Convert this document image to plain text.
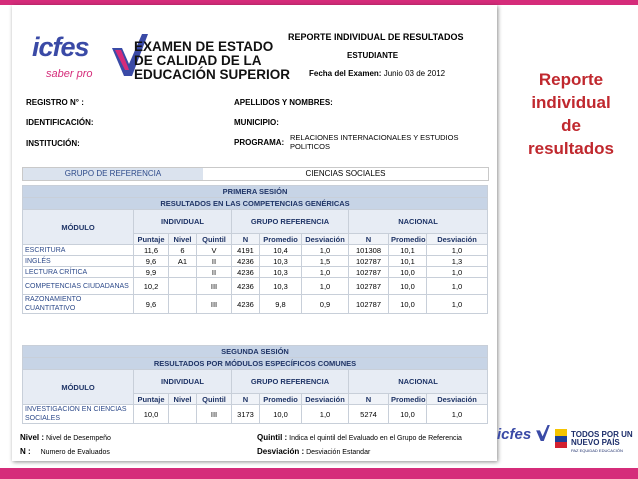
icfes
saber pro
EXAMEN DE ESTADO
DE CALIDAD DE LA
EDUCACIÓN SUPERIOR
REPORTE INDIVIDUAL DE RESULTADOS
ESTUDIANTE
Fecha del Examen: Junio 03 de 2012
REGISTRO N° :
IDENTIFICACIÓN:
INSTITUCIÓN:
APELLIDOS Y NOMBRES:
MUNICIPIO:
PROGRAMA:
RELACIONES INTERNACIONALES Y ESTUDIOS
POLITICOS
GRUPO DE REFERENCIA	CIENCIAS SOCIALES
PRIMERA SESIÓN									
RESULTADOS EN LAS COMPETENCIAS GENÉRICAS									
MÓDULO	INDIVIDUAL			GRUPO REFERENCIA			NACIONAL		
	Puntaje	Nivel	Quintil	N	Promedio	Desviación	N	Promedio	Desviación
ESCRITURA	11,6	6	V	4191	10,4	1,0	101308	10,1	1,0
INGLÉS	9,6	A1	II	4236	10,3	1,5	102787	10,1	1,3
LECTURA CRÍTICA	9,9		II	4236	10,3	1,0	102787	10,0	1,0
COMPETENCIAS CIUDADANAS	10,2		III	4236	10,3	1,0	102787	10,0	1,0
RAZONAMIENTO CUANTITATIVO	9,6		III	4236	9,8	0,9	102787	10,0	1,0
SEGUNDA SESIÓN									
RESULTADOS POR MÓDULOS ESPECÍFICOS COMUNES									
MÓDULO	INDIVIDUAL			GRUPO REFERENCIA			NACIONAL		
	Puntaje	Nivel	Quintil	N	Promedio	Desviación	N	Promedio	Desviación
INVESTIGACIÓN EN CIENCIAS SOCIALES	10,0		III	3173	10,0	1,0	5274	10,0	1,0
Nivel : Nivel de Desempeño
N : Numero de Evaluados
Quintil : Indica el quintil del Evaluado en el Grupo de Referencia
Desviación : Desviación Estandar
Reporte
individual
de
resultados
icfes	TODOS POR UN
NUEVO PAÍS
PAZ EQUIDAD EDUCACIÓN
